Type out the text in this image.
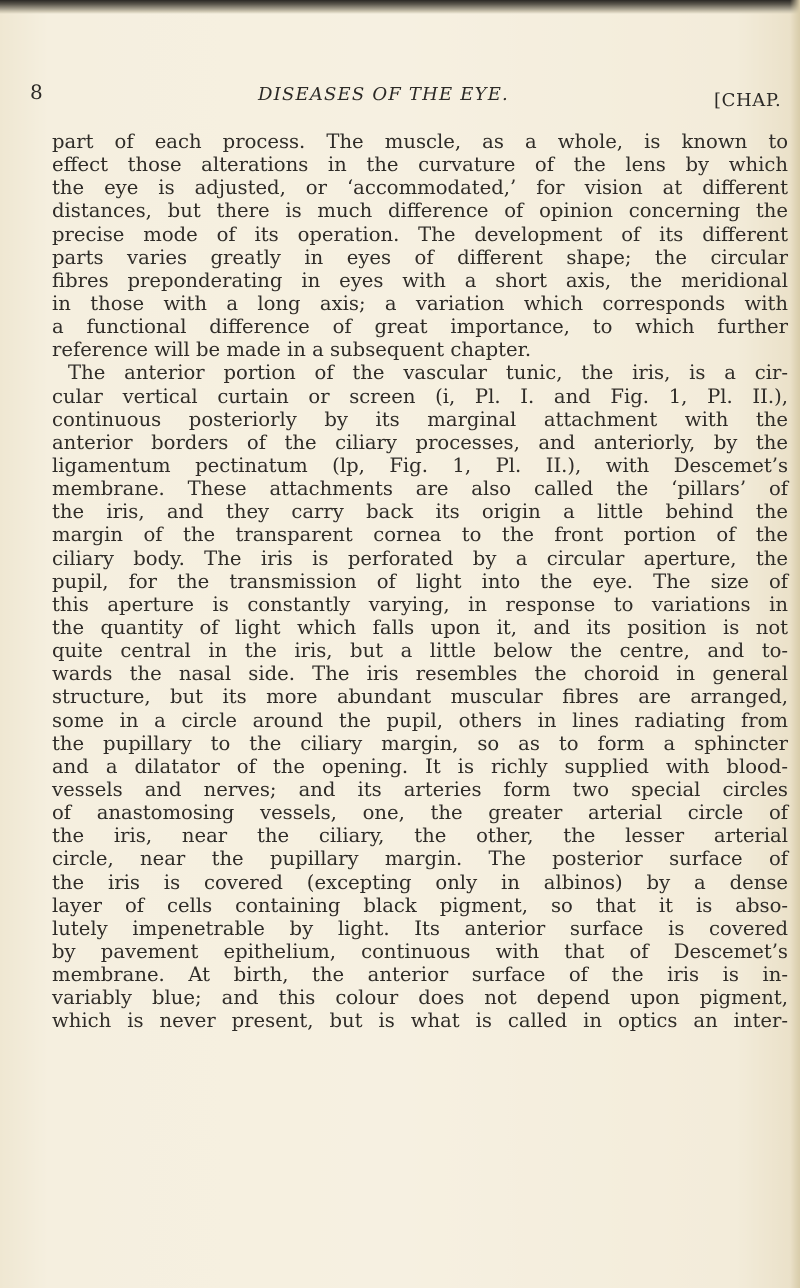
8	DISEASES OF THE EYE.	[CHAP.
part of each process. The muscle, as a whole, is known to
effect those alterations in the curvature of the lens by which
the eye is adjusted, or ‘accommodated,’ for vision at different
distances, but there is much difference of opinion concerning the
precise mode of its operation. The development of its different
parts varies greatly in eyes of different shape; the circular
fibres preponderating in eyes with a short axis, the meridional
in those with a long axis; a variation which corresponds with
a functional difference of great importance, to which further
reference will be made in a subsequent chapter.
The anterior portion of the vascular tunic, the iris, is a cir-
cular vertical curtain or screen (i, Pl. I. and Fig. 1, Pl. II.),
continuous posteriorly by its marginal attachment with the
anterior borders of the ciliary processes, and anteriorly, by the
ligamentum pectinatum (lp, Fig. 1, Pl. II.), with Descemet’s
membrane. These attachments are also called the ‘pillars’ of
the iris, and they carry back its origin a little behind the
margin of the transparent cornea to the front portion of the
ciliary body. The iris is perforated by a circular aperture, the
pupil, for the transmission of light into the eye. The size of
this aperture is constantly varying, in response to variations in
the quantity of light which falls upon it, and its position is not
quite central in the iris, but a little below the centre, and to-
wards the nasal side. The iris resembles the choroid in general
structure, but its more abundant muscular fibres are arranged,
some in a circle around the pupil, others in lines radiating from
the pupillary to the ciliary margin, so as to form a sphincter
and a dilatator of the opening. It is richly supplied with blood-
vessels and nerves; and its arteries form two special circles
of anastomosing vessels, one, the greater arterial circle of
the iris, near the ciliary, the other, the lesser arterial
circle, near the pupillary margin. The posterior surface of
the iris is covered (excepting only in albinos) by a dense
layer of cells containing black pigment, so that it is abso-
lutely impenetrable by light. Its anterior surface is covered
by pavement epithelium, continuous with that of Descemet’s
membrane. At birth, the anterior surface of the iris is in-
variably blue; and this colour does not depend upon pigment,
which is never present, but is what is called in optics an inter-
